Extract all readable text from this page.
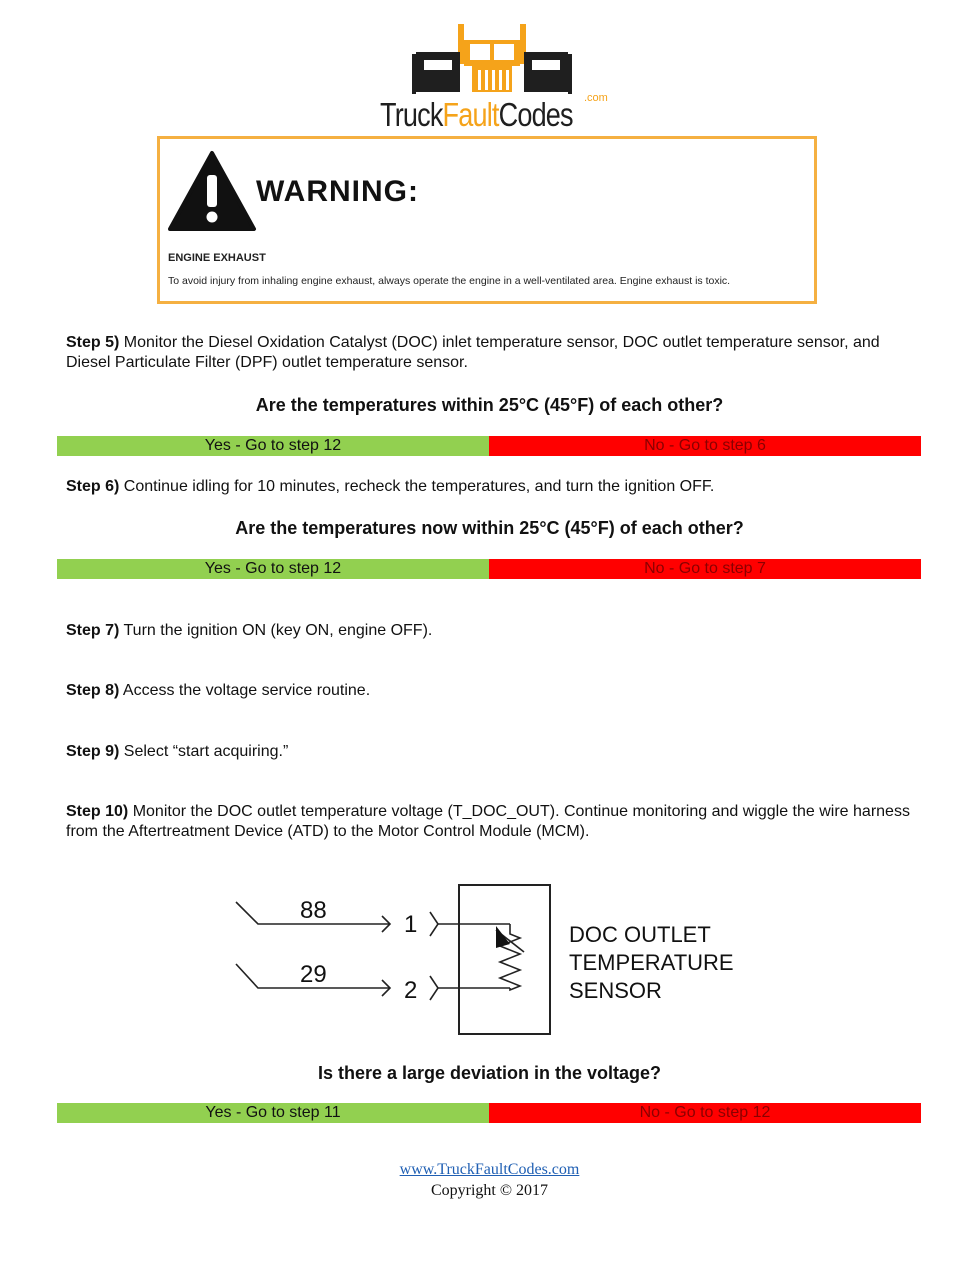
TruckFaultCodes .com
WARNING:
ENGINE EXHAUST
To avoid injury from inhaling engine exhaust, always operate the engine in a well-ventilated area. Engine exhaust is toxic.
Step 5) Monitor the Diesel Oxidation Catalyst (DOC) inlet temperature sensor, DOC outlet temperature sensor, and Diesel Particulate Filter (DPF) outlet temperature sensor.
Are the temperatures within 25°C (45°F) of each other?
Yes - Go to step 12	No - Go to step 6
Step 6) Continue idling for 10 minutes, recheck the temperatures, and turn the ignition OFF.
Are the temperatures now within 25°C (45°F) of each other?
Yes - Go to step 12	No - Go to step 7
Step 7) Turn the ignition ON (key ON, engine OFF).
Step 8) Access the voltage service routine.
Step 9) Select “start acquiring.”
Step 10) Monitor the DOC outlet temperature voltage (T_DOC_OUT). Continue monitoring and wiggle the wire harness from the Aftertreatment Device (ATD) to the Motor Control Module (MCM).
88
29
1
2
DOC OUTLET
TEMPERATURE
SENSOR
Is there a large deviation in the voltage?
Yes - Go to step 11	No - Go to step 12
www.TruckFaultCodes.com
Copyright © 2017
